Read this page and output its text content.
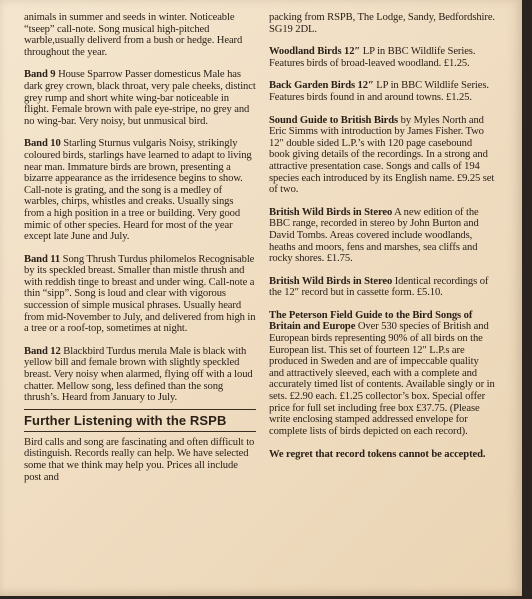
animals in summer and seeds in winter. Noticeable “tseep” call-note. Song musical high-pitched warble,usually deliverd from a bush or hedge. Heard throughout the year.

Band 9 House Sparrow Passer domesticus Male has dark grey crown, black throat, very pale cheeks, distinct grey rump and short white wing-bar noticeable in flight. Female brown with pale eye-stripe, no grey and no wing-bar. Very noisy, but unmusical bird.

Band 10 Starling Sturnus vulgaris Noisy, strikingly coloured birds, starlings have learned to adapt to living near man. Immature birds are brown, presenting a bizarre appearance as the irridesence begins to show. Call-note is grating, and the song is a medley of warbles, chirps, whistles and creaks. Usually sings from a high position in a tree or building. Very good mimic of other species. Heard for most of the year except late June and July.

Band 11 Song Thrush Turdus philomelos Recognisable by its speckled breast. Smaller than mistle thrush and with reddish tinge to breast and under wing. Call-note a thin “sipp”. Song is loud and clear with vigorous succession of simple musical phrases. Usually heard from mid-November to July, and delivered from high in a tree or a roof-top, sometimes at night.

Band 12 Blackbird Turdus merula Male is black with yellow bill and female brown with slightly speckled breast. Very noisy when alarmed, flying off with a loud chatter. Mellow song, less defined than the song thrush’s. Heard from January to July.

Further Listening with the RSPB

Bird calls and song are fascinating and often difficult to distinguish. Records really can help. We have selected some that we think may help you. Prices all include post and

packing from RSPB, The Lodge, Sandy, Bedfordshire. SG19 2DL.

Woodland Birds 12″ LP in BBC Wildlife Series. Features birds of broad-leaved woodland. £1.25.

Back Garden Birds 12″ LP in BBC Wildlife Series. Features birds found in and around towns. £1.25.

Sound Guide to British Birds by Myles North and Eric Simms with introduction by James Fisher. Two 12″ double sided L.P.’s with 120 page casebound book giving details of the recordings. In a strong and attractive presentation case. Songs and calls of 194 species each introduced by its English name. £9.25 set of two.

British Wild Birds in Stereo A new edition of the BBC range, recorded in stereo by John Burton and David Tombs. Areas covered include woodlands, heaths and moors, fens and marshes, sea cliffs and rocky shores. £1.75.

British Wild Birds in Stereo Identical recordings of the 12″ record but in cassette form. £5.10.

The Peterson Field Guide to the Bird Songs of Britain and Europe Over 530 species of British and European birds representing 90% of all birds on the European list. This set of fourteen 12″ L.P.s are produced in Sweden and are of impeccable quality and attractively sleeved, each with a complete and accurately timed list of contents. Available singly or in sets. £2.90 each. £1.25 collector’s box. Special offer price for full set including free box £37.75. (Please write enclosing stamped addressed envelope for complete lists of birds depicted on each record).

We regret that record tokens cannot be accepted.
